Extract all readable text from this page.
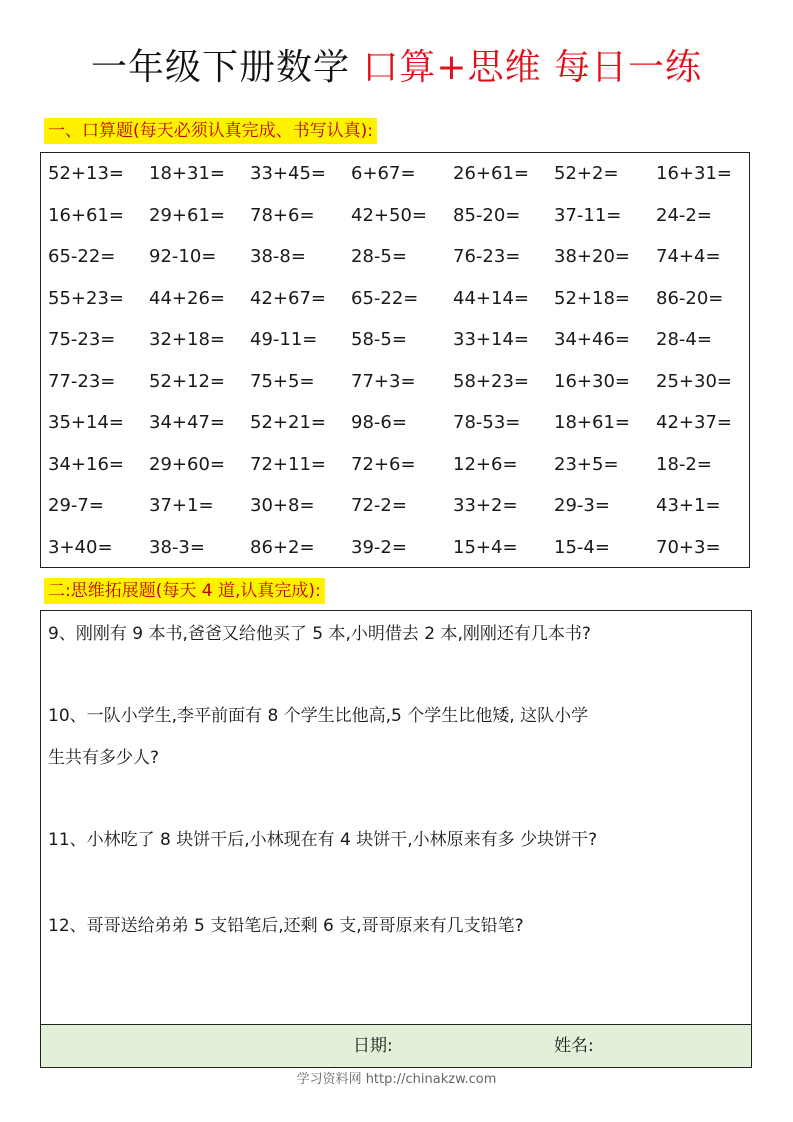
一年级下册数学 口算+思维 每日一练
一、口算题(每天必须认真完成、书写认真):
52+13= 18+31= 33+45= 6+67= 26+61= 52+2= 16+31=
16+61= 29+61= 78+6= 42+50= 85-20= 37-11= 24-2=
65-22= 92-10= 38-8=	28-5=	76-23= 38+20= 74+4=
55+23= 44+26= 42+67= 65-22= 44+14= 52+18= 86-20=
75-23= 32+18= 49-11= 58-5=	33+14= 34+46= 28-4=
77-23= 52+12= 75+5= 77+3= 58+23= 16+30= 25+30=
35+14= 34+47= 52+21= 98-6=	78-53= 18+61= 42+37=
34+16= 29+60= 72+11= 72+6= 12+6= 23+5= 18-2=
29-7=	37+1= 30+8= 72-2=	33+2= 29-3=	43+1=
3+40= 38-3=	86+2= 39-2=	15+4= 15-4=	70+3=
二:思维拓展题(每天 4 道,认真完成):
9、刚刚有 9 本书,爸爸又给他买了 5 本,小明借去 2 本,刚刚还有几本书?
10、一队小学生,李平前面有 8 个学生比他高,5 个学生比他矮, 这队小学
生共有多少人?
11、小林吃了 8 块饼干后,小林现在有 4 块饼干,小林原来有多 少块饼干?
12、哥哥送给弟弟 5 支铅笔后,还剩 6 支,哥哥原来有几支铅笔?
日期:	姓名:
学习资料网 http://chinakzw.com
